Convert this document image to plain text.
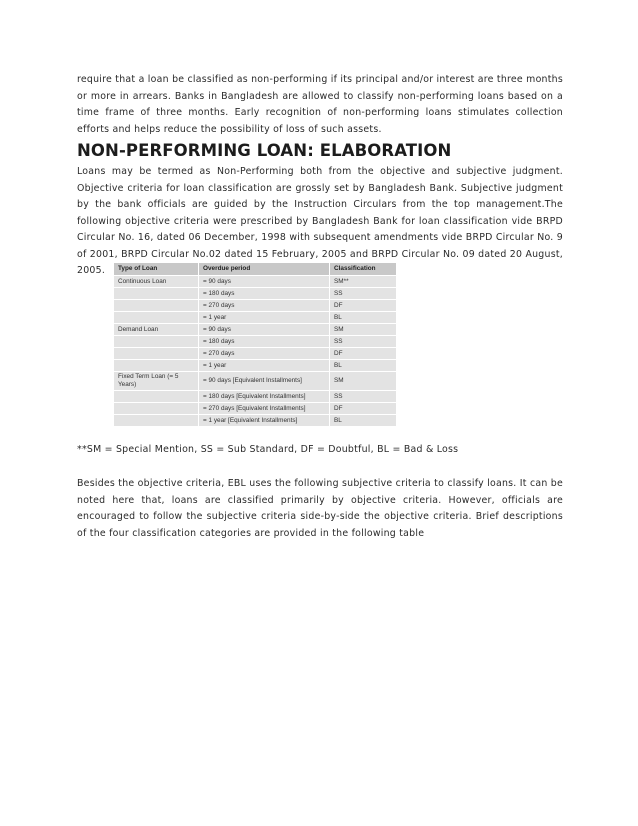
require that a loan be classified as non-performing if its principal and/or interest are three months or more in arrears. Banks in Bangladesh are allowed to classify non-performing loans based on a time frame of three months. Early recognition of non-performing loans stimulates collection efforts and helps reduce the possibility of loss of such assets.

NON-PERFORMING LOAN: ELABORATION

Loans may be termed as Non-Performing both from the objective and subjective judgment. Objective criteria for loan classification are grossly set by Bangladesh Bank. Subjective judgment by the bank officials are guided by the Instruction Circulars from the top management.The following objective criteria were prescribed by Bangladesh Bank for loan classification vide BRPD Circular No. 16, dated 06 December, 1998 with subsequent amendments vide BRPD Circular No. 9 of 2001, BRPD Circular No.02 dated 15 February, 2005 and BRPD Circular No. 09 dated 20 August, 2005.	Type of Loan	Overdue period	Classification
Continuous Loan	= 90 days	SM**
	= 180 days	SS
	= 270 days	DF
	= 1 year	BL
Demand Loan	= 90 days	SM
	= 180 days	SS
	= 270 days	DF
	= 1 year	BL
Fixed Term Loan (= 5 Years)	= 90 days [Equivalent Installments]	SM
	= 180 days [Equivalent Installments]	SS
	= 270 days [Equivalent Installments]	DF
	= 1 year [Equivalent Installments]	BL

**SM = Special Mention, SS = Sub Standard, DF = Doubtful, BL = Bad & Loss

Besides the objective criteria, EBL uses the following subjective criteria to classify loans. It can be noted here that, loans are classified primarily by objective criteria. However, officials are encouraged to follow the subjective criteria side-by-side the objective criteria. Brief descriptions of the four classification categories are provided in the following table
